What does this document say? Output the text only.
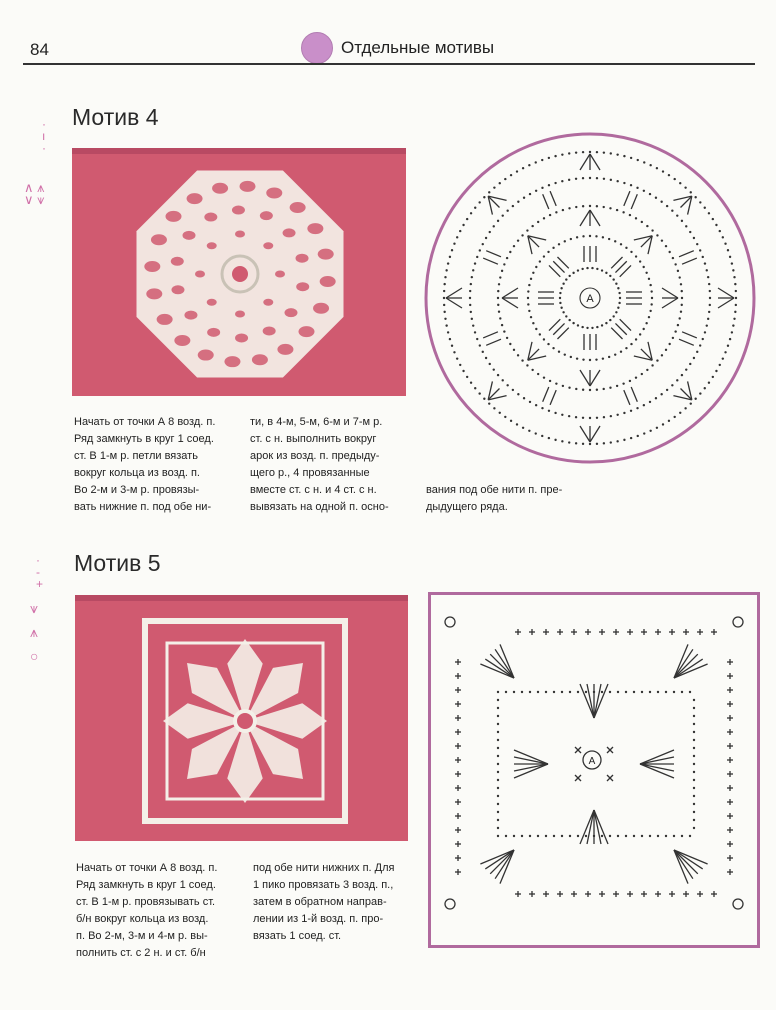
84	Отдельные мотивы
·
ı
·
∧ ⩚
∨ ⩛
Мотив 4
A
Начать от точки А 8 возд. п.
Ряд замкнуть в круг 1 соед.
ст. В 1-м р. петли вязать
вокруг кольца из возд. п.
Во 2-м и 3-м р. провязы-
вать нижние п. под обе ни-
ти, в 4-м, 5-м, 6-м и 7-м р.
ст. с н. выполнить вокруг
арок из возд. п. предыду-
щего р., 4 провязанные
вместе ст. с н. и 4 ст. с н.
вывязать на одной п. осно-
вания под обе нити п. пре-
дыдущего ряда.
·
-
+
⩛

⩚

○
Мотив 5
A
Начать от точки А 8 возд. п.
Ряд замкнуть в круг 1 соед.
ст. В 1-м р. провязывать ст.
б/н вокруг кольца из возд.
п. Во 2-м, 3-м и 4-м р. вы-
полнить ст. с 2 н. и ст. б/н
под обе нити нижних п. Для
1 пико провязать 3 возд. п.,
затем в обратном направ-
лении из 1-й возд. п. про-
вязать 1 соед. ст.
